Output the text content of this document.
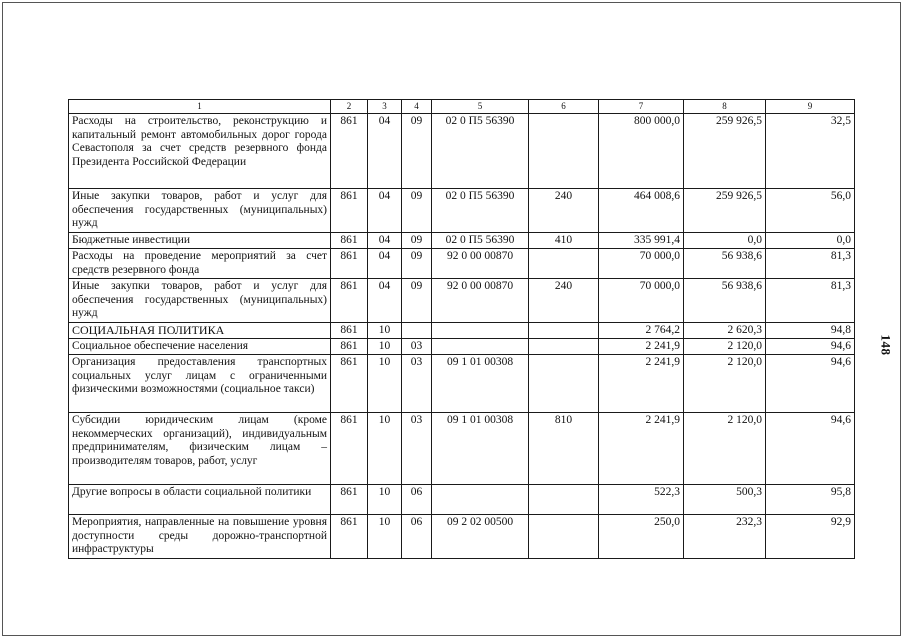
1	2	3	4	5	6	7	8	9
Расходы на строительство, реконструкцию и капитальный ремонт автомобильных дорог города Севастополя за счет средств резервного фонда Президента Российской Федерации	861	04	09	02 0 П5 56390		800 000,0	259 926,5	32,5
Иные закупки товаров, работ и услуг для обеспечения государственных (муниципальных) нужд	861	04	09	02 0 П5 56390	240	464 008,6	259 926,5	56,0
Бюджетные инвестиции	861	04	09	02 0 П5 56390	410	335 991,4	0,0	0,0
Расходы на проведение мероприятий за счет средств резервного фонда	861	04	09	92 0 00 00870		70 000,0	56 938,6	81,3
Иные закупки товаров, работ и услуг для обеспечения государственных (муниципальных) нужд	861	04	09	92 0 00 00870	240	70 000,0	56 938,6	81,3
СОЦИАЛЬНАЯ ПОЛИТИКА	861	10				2 764,2	2 620,3	94,8
Социальное обеспечение населения	861	10	03			2 241,9	2 120,0	94,6
Организация предоставления транспортных социальных услуг лицам с ограниченными физическими возможностями (социальное такси)	861	10	03	09 1 01 00308		2 241,9	2 120,0	94,6
Субсидии юридическим лицам (кроме некоммерческих организаций), индивидуальным предпринимателям, физическим лицам – производителям товаров, работ, услуг	861	10	03	09 1 01 00308	810	2 241,9	2 120,0	94,6
Другие вопросы в области социальной политики	861	10	06			522,3	500,3	95,8
Мероприятия, направленные на повышение уровня доступности среды дорожно-транспортной инфраструктуры	861	10	06	09 2 02 00500		250,0	232,3	92,9
148
